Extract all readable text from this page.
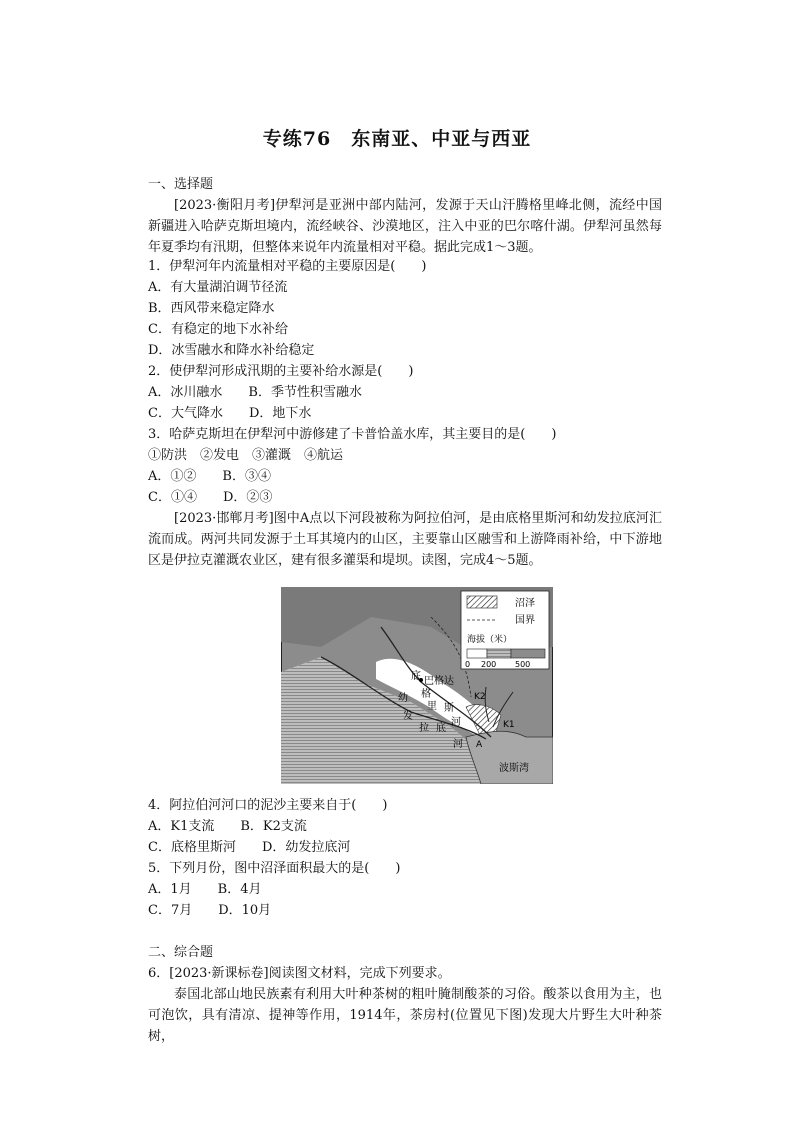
专练76　东南亚、中亚与西亚
一、选择题
[2023·衡阳月考]伊犁河是亚洲中部内陆河，发源于天山汗腾格里峰北侧，流经中国新疆进入哈萨克斯坦境内，流经峡谷、沙漠地区，注入中亚的巴尔喀什湖。伊犁河虽然每年夏季均有汛期，但整体来说年内流量相对平稳。据此完成1～3题。
1．伊犁河年内流量相对平稳的主要原因是(　　)
A．有大量湖泊调节径流
B．西风带来稳定降水
C．有稳定的地下水补给
D．冰雪融水和降水补给稳定
2．使伊犁河形成汛期的主要补给水源是(　　)
A．冰川融水　　B．季节性积雪融水
C．大气降水　　D．地下水
3．哈萨克斯坦在伊犁河中游修建了卡普恰盖水库，其主要目的是(　　)
①防洪　②发电　③灌溉　④航运
A．①②　　B．③④
C．①④　　D．②③
[2023·邯郸月考]图中A点以下河段被称为阿拉伯河，是由底格里斯河和幼发拉底河汇流而成。两河共同发源于土耳其境内的山区，主要靠山区融雪和上游降雨补给，中下游地区是伊拉克灌溉农业区，建有很多灌渠和堤坝。读图，完成4～5题。
沼泽
国界
海拔（米）
0 200 500
巴格达
底
格
里 斯
河
幼
发
拉 底
河
K2
K1
A
波斯湾
4．阿拉伯河河口的泥沙主要来自于(　　)
A．K1支流　　B．K2支流
C．底格里斯河　　D．幼发拉底河
5．下列月份，图中沼泽面积最大的是(　　)
A．1月　　B．4月
C．7月　　D．10月
二、综合题
6．[2023·新课标卷]阅读图文材料，完成下列要求。
泰国北部山地民族素有利用大叶种茶树的粗叶腌制酸茶的习俗。酸茶以食用为主，也可泡饮，具有清凉、提神等作用，1914年，茶房村(位置见下图)发现大片野生大叶种茶树，
